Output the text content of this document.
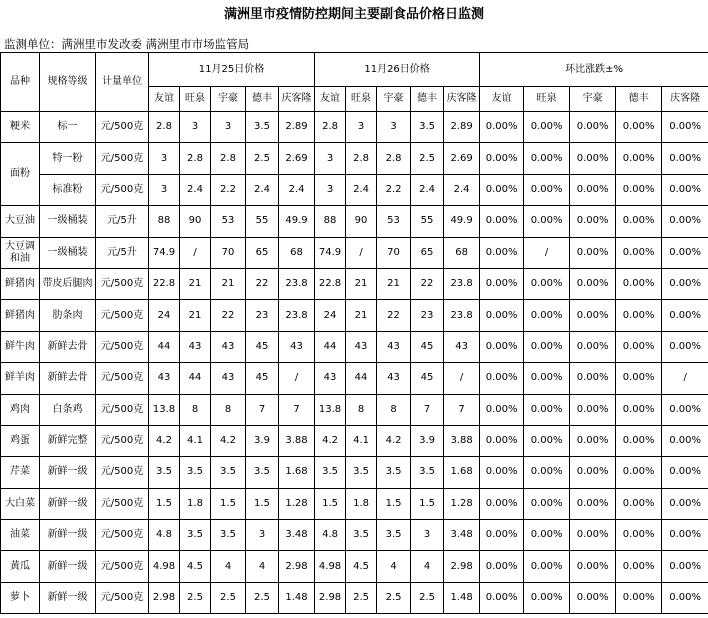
满洲里市疫情防控期间主要副食品价格日监测
监测单位：满洲里市发改委 满洲里市市场监管局
品种	规格等级	计量单位	11月25日价格					11月26日价格					环比涨跌±%				
			友谊	旺泉	宇豪	德丰	庆客隆	友谊	旺泉	宇豪	德丰	庆客隆	友谊	旺泉	宇豪	德丰	庆客隆
粳米	标一	元/500克	2.8	3	3	3.5	2.89	2.8	3	3	3.5	2.89	0.00%	0.00%	0.00%	0.00%	0.00%
面粉	特一粉	元/500克	3	2.8	2.8	2.5	2.69	3	2.8	2.8	2.5	2.69	0.00%	0.00%	0.00%	0.00%	0.00%
	标准粉	元/500克	3	2.4	2.2	2.4	2.4	3	2.4	2.2	2.4	2.4	0.00%	0.00%	0.00%	0.00%	0.00%
大豆油	一级桶装	元/5升	88	90	53	55	49.9	88	90	53	55	49.9	0.00%	0.00%	0.00%	0.00%	0.00%
大豆调和油	一级桶装	元/5升	74.9	/	70	65	68	74.9	/	70	65	68	0.00%	/	0.00%	0.00%	0.00%
鲜猪肉	带皮后腿肉	元/500克	22.8	21	21	22	23.8	22.8	21	21	22	23.8	0.00%	0.00%	0.00%	0.00%	0.00%
鲜猪肉	肋条肉	元/500克	24	21	22	23	23.8	24	21	22	23	23.8	0.00%	0.00%	0.00%	0.00%	0.00%
鲜牛肉	新鲜去骨	元/500克	44	43	43	45	43	44	43	43	45	43	0.00%	0.00%	0.00%	0.00%	0.00%
鲜羊肉	新鲜去骨	元/500克	43	44	43	45	/	43	44	43	45	/	0.00%	0.00%	0.00%	0.00%	/
鸡肉	白条鸡	元/500克	13.8	8	8	7	7	13.8	8	8	7	7	0.00%	0.00%	0.00%	0.00%	0.00%
鸡蛋	新鲜完整	元/500克	4.2	4.1	4.2	3.9	3.88	4.2	4.1	4.2	3.9	3.88	0.00%	0.00%	0.00%	0.00%	0.00%
芹菜	新鲜一级	元/500克	3.5	3.5	3.5	3.5	1.68	3.5	3.5	3.5	3.5	1.68	0.00%	0.00%	0.00%	0.00%	0.00%
大白菜	新鲜一级	元/500克	1.5	1.8	1.5	1.5	1.28	1.5	1.8	1.5	1.5	1.28	0.00%	0.00%	0.00%	0.00%	0.00%
油菜	新鲜一级	元/500克	4.8	3.5	3.5	3	3.48	4.8	3.5	3.5	3	3.48	0.00%	0.00%	0.00%	0.00%	0.00%
黄瓜	新鲜一级	元/500克	4.98	4.5	4	4	2.98	4.98	4.5	4	4	2.98	0.00%	0.00%	0.00%	0.00%	0.00%
萝卜	新鲜一级	元/500克	2.98	2.5	2.5	2.5	1.48	2.98	2.5	2.5	2.5	1.48	0.00%	0.00%	0.00%	0.00%	0.00%
